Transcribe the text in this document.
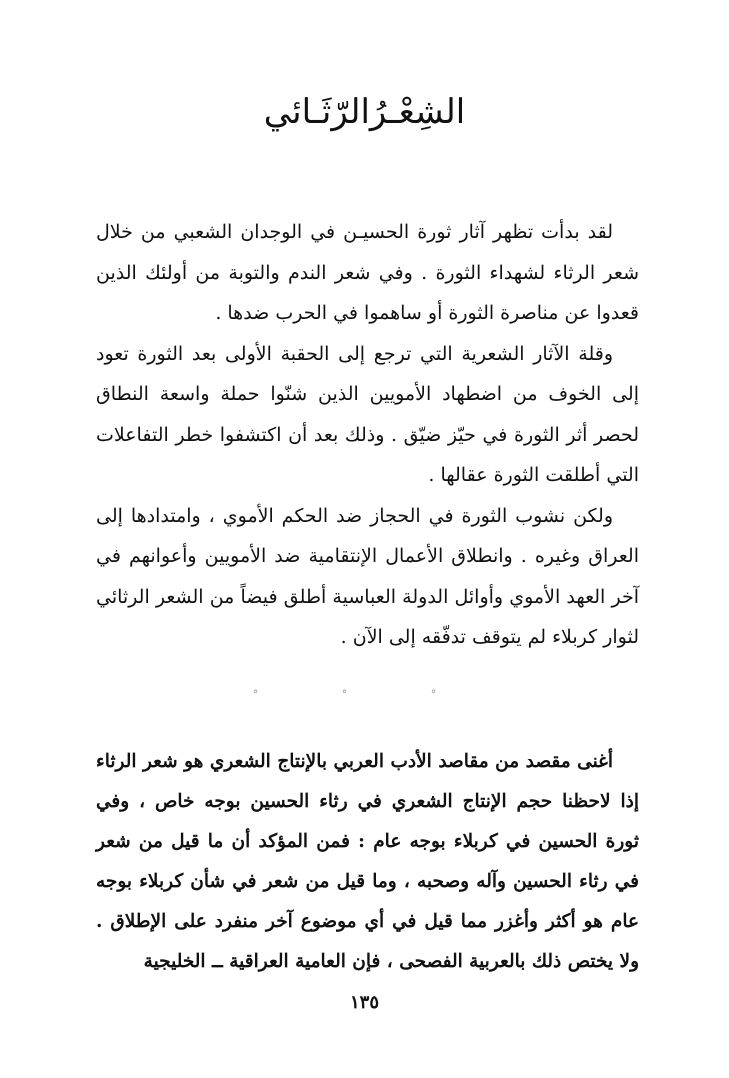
الشِعْـرُالرّثَـائي

لقد بدأت تظهر آثار ثورة الحسيـن في الوجدان الشعبي من خلال شعر الرثاء لشهداء الثورة . وفي شعر الندم والتوبة من أولئك الذين قعدوا عن مناصرة الثورة أو ساهموا في الحرب ضدها .

وقلة الآثار الشعرية التي ترجع إلى الحقبة الأولى بعد الثورة تعود إلى الخوف من اضطهاد الأمويين الذين شنّوا حملة واسعة النطاق لحصر أثر الثورة في حيّز ضيّق . وذلك بعد أن اكتشفوا خطر التفاعلات التي أطلقت الثورة عقالها .

ولكن نشوب الثورة في الحجاز ضد الحكم الأموي ، وامتدادها إلى العراق وغيره . وانطلاق الأعمال الإنتقامية ضد الأمويين وأعوانهم في آخر العهد الأموي وأوائل الدولة العباسية أطلق فيضاً من الشعر الرثائي لثوار كربلاء لم يتوقف تدفّقه إلى الآن .

° ° °

أغنى مقصد من مقاصد الأدب العربي بالإنتاج الشعري هو شعر الرثاء إذا لاحظنا حجم الإنتاج الشعري في رثاء الحسين بوجه خاص ، وفي ثورة الحسين في كربلاء بوجه عام : فمن المؤكد أن ما قيل من شعر في رثاء الحسين وآله وصحبه ، وما قيل من شعر في شأن كربلاء بوجه عام هو أكثر وأغزر مما قيل في أي موضوع آخر منفرد على الإطلاق . ولا يختص ذلك بالعربية الفصحى ، فإن العامية العراقية ــ الخليجية

١٣٥
